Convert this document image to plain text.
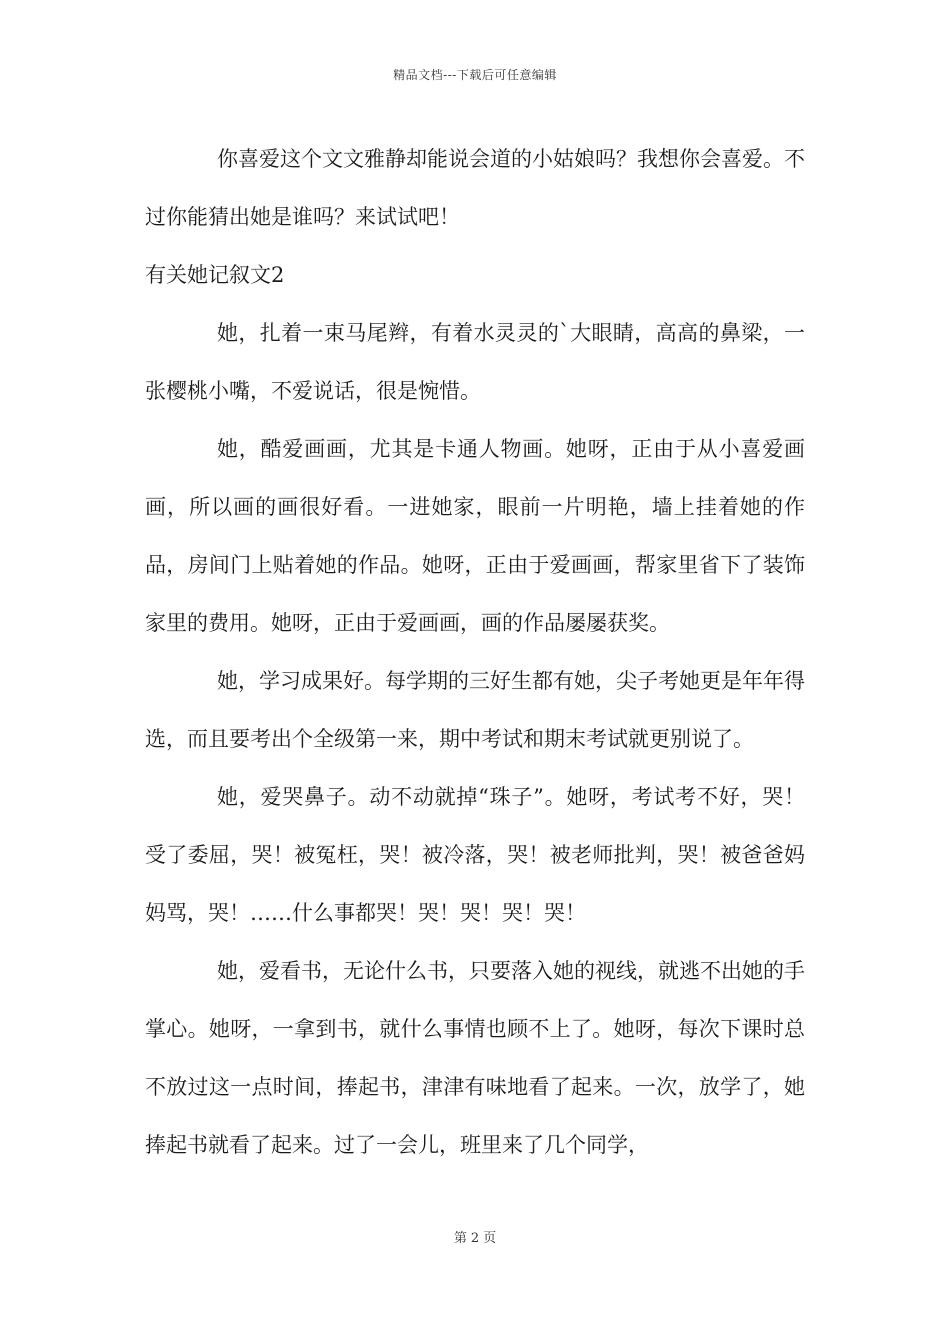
精品文档---下载后可任意编辑

你喜爱这个文文雅静却能说会道的小姑娘吗？我想你会喜爱。不过你能猜出她是谁吗？来试试吧！

有关她记叙文2

她，扎着一束马尾辫，有着水灵灵的`大眼睛，高高的鼻梁，一张樱桃小嘴，不爱说话，很是惋惜。

她，酷爱画画，尤其是卡通人物画。她呀，正由于从小喜爱画画，所以画的画很好看。一进她家，眼前一片明艳，墙上挂着她的作品，房间门上贴着她的作品。她呀，正由于爱画画，帮家里省下了装饰家里的费用。她呀，正由于爱画画，画的作品屡屡获奖。

她，学习成果好。每学期的三好生都有她，尖子考她更是年年得选，而且要考出个全级第一来，期中考试和期末考试就更别说了。

她，爱哭鼻子。动不动就掉“珠子”。她呀，考试考不好，哭！受了委屈，哭！被冤枉，哭！被冷落，哭！被老师批判，哭！被爸爸妈妈骂，哭！……什么事都哭！哭！哭！哭！哭！

她，爱看书，无论什么书，只要落入她的视线，就逃不出她的手掌心。她呀，一拿到书，就什么事情也顾不上了。她呀，每次下课时总不放过这一点时间，捧起书，津津有味地看了起来。一次，放学了，她捧起书就看了起来。过了一会儿，班里来了几个同学，

第 2 页
